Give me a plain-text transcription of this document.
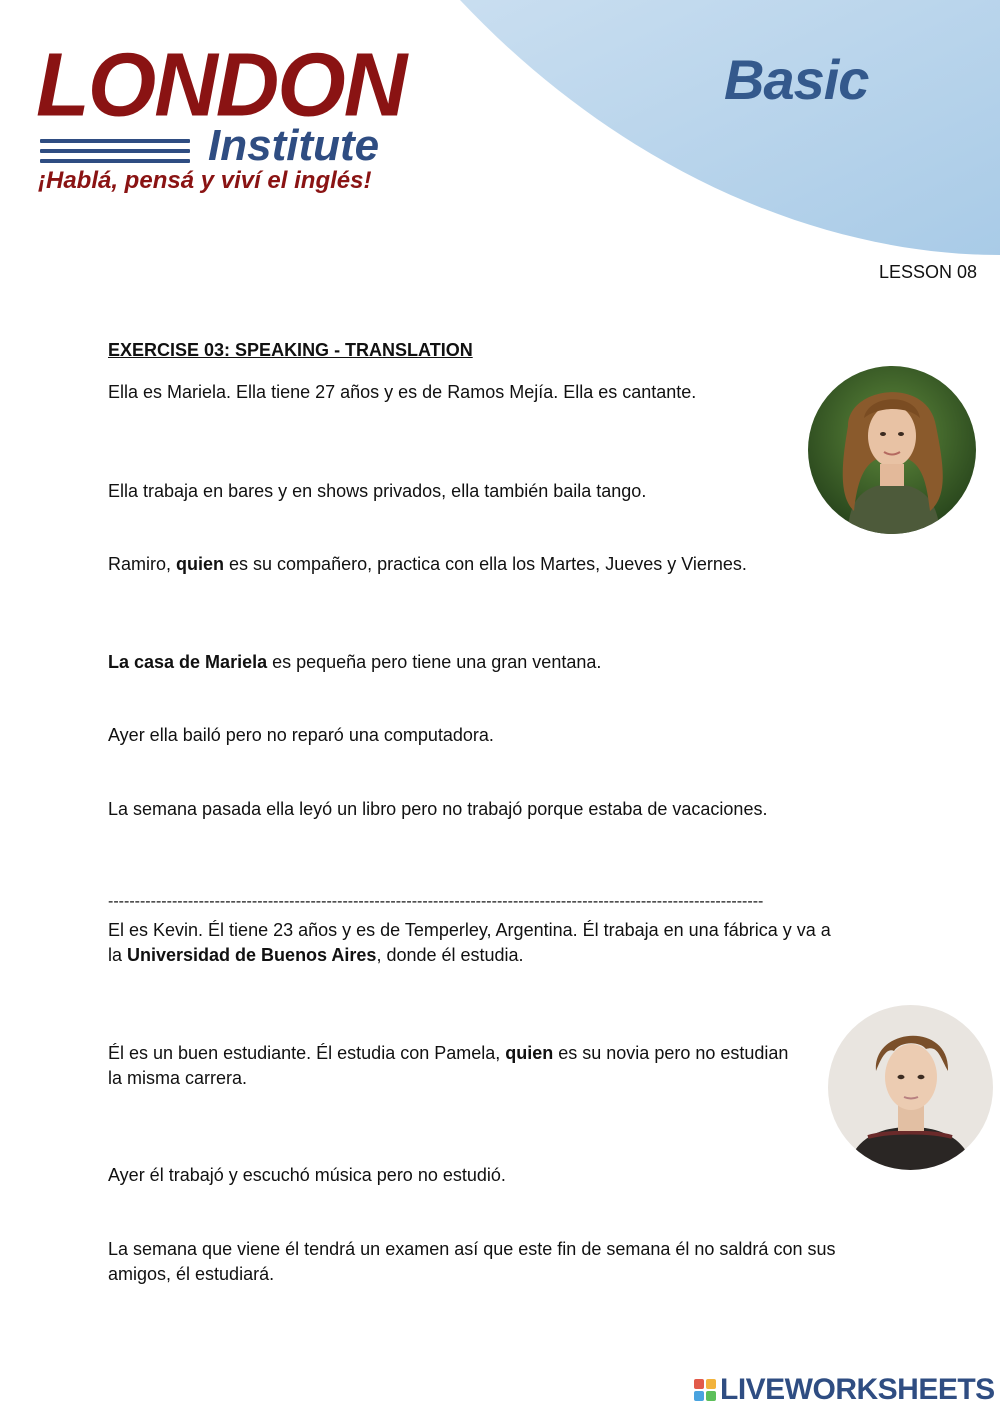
LONDON
Institute
¡Hablá, pensá y viví el inglés!
Basic
LESSON 08
EXERCISE 03: SPEAKING - TRANSLATION
Ella es Mariela. Ella tiene 27 años y es de Ramos Mejía. Ella es cantante.
Ella trabaja en bares y en shows privados, ella también baila tango.
Ramiro, quien es su compañero, practica con ella los Martes, Jueves y Viernes.
La casa de Mariela es pequeña pero tiene una gran ventana.
Ayer ella bailó pero no reparó una computadora.
La semana pasada ella leyó un libro pero no trabajó porque estaba de vacaciones.
---------------------------------------------------------------------------------------------------------------------------
El es Kevin. Él tiene 23 años y es de Temperley, Argentina. Él trabaja en una fábrica y va a
la Universidad de Buenos Aires, donde él estudia.
Él es un buen estudiante. Él estudia con Pamela, quien es su novia pero no estudian
la misma carrera.
Ayer él trabajó y escuchó música pero no estudió.
La semana que viene él tendrá un examen así que este fin de semana él no saldrá con sus
amigos, él estudiará.
LIVEWORKSHEETS
